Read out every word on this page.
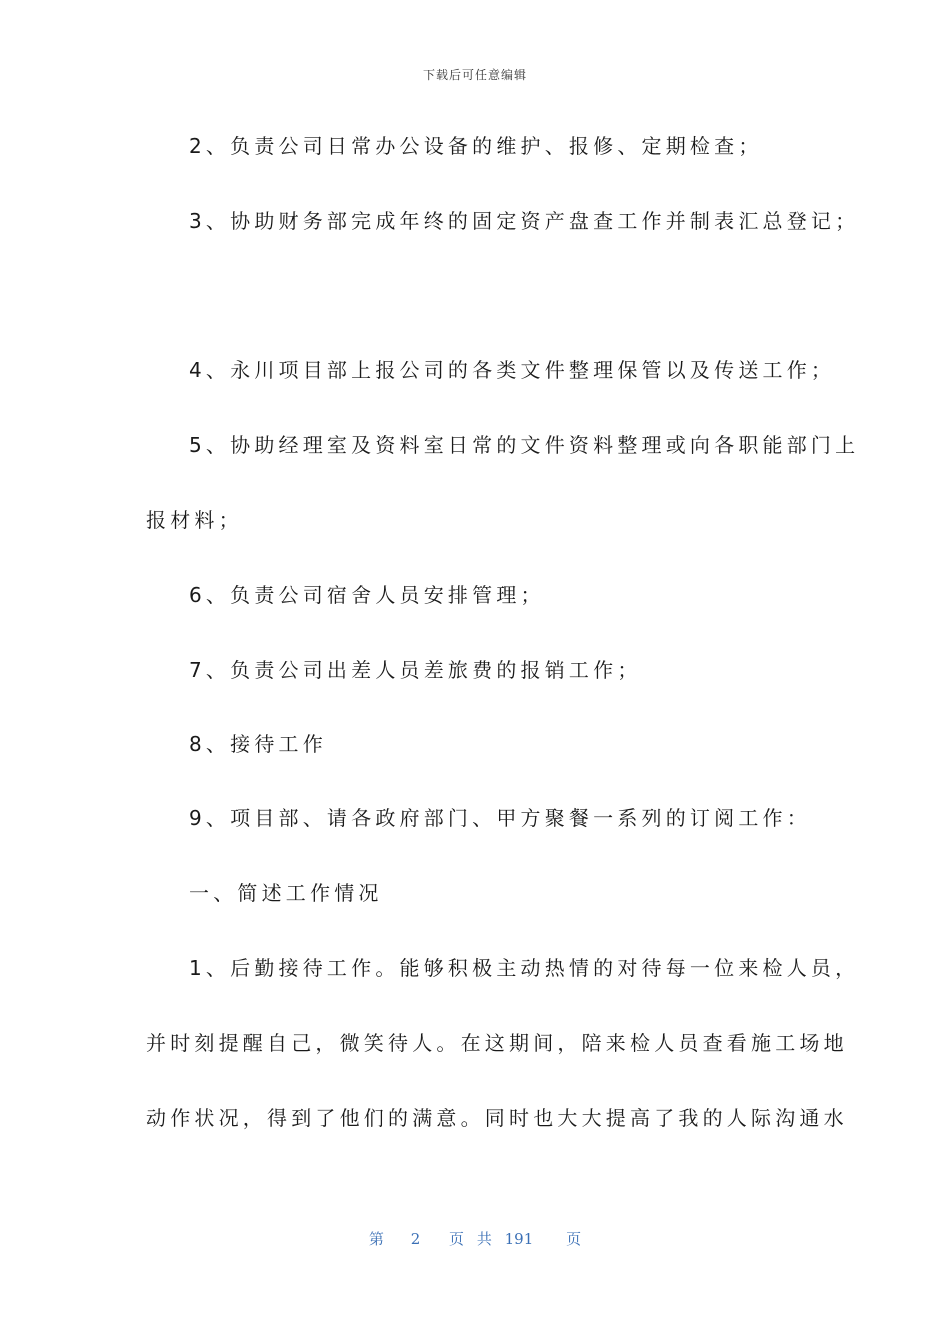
下载后可任意编辑
2、负责公司日常办公设备的维护、报修、定期检查；
3、协助财务部完成年终的固定资产盘查工作并制表汇总登记；
4、永川项目部上报公司的各类文件整理保管以及传送工作；
5、协助经理室及资料室日常的文件资料整理或向各职能部门上
报材料；
6、负责公司宿舍人员安排管理；
7、负责公司出差人员差旅费的报销工作；
8、接待工作
9、项目部、请各政府部门、甲方聚餐一系列的订阅工作：
一、简述工作情况
1、后勤接待工作。能够积极主动热情的对待每一位来检人员，
并时刻提醒自己，微笑待人。在这期间，陪来检人员查看施工场地
动作状况，得到了他们的满意。同时也大大提高了我的人际沟通水
第 2 页 共 191 页
